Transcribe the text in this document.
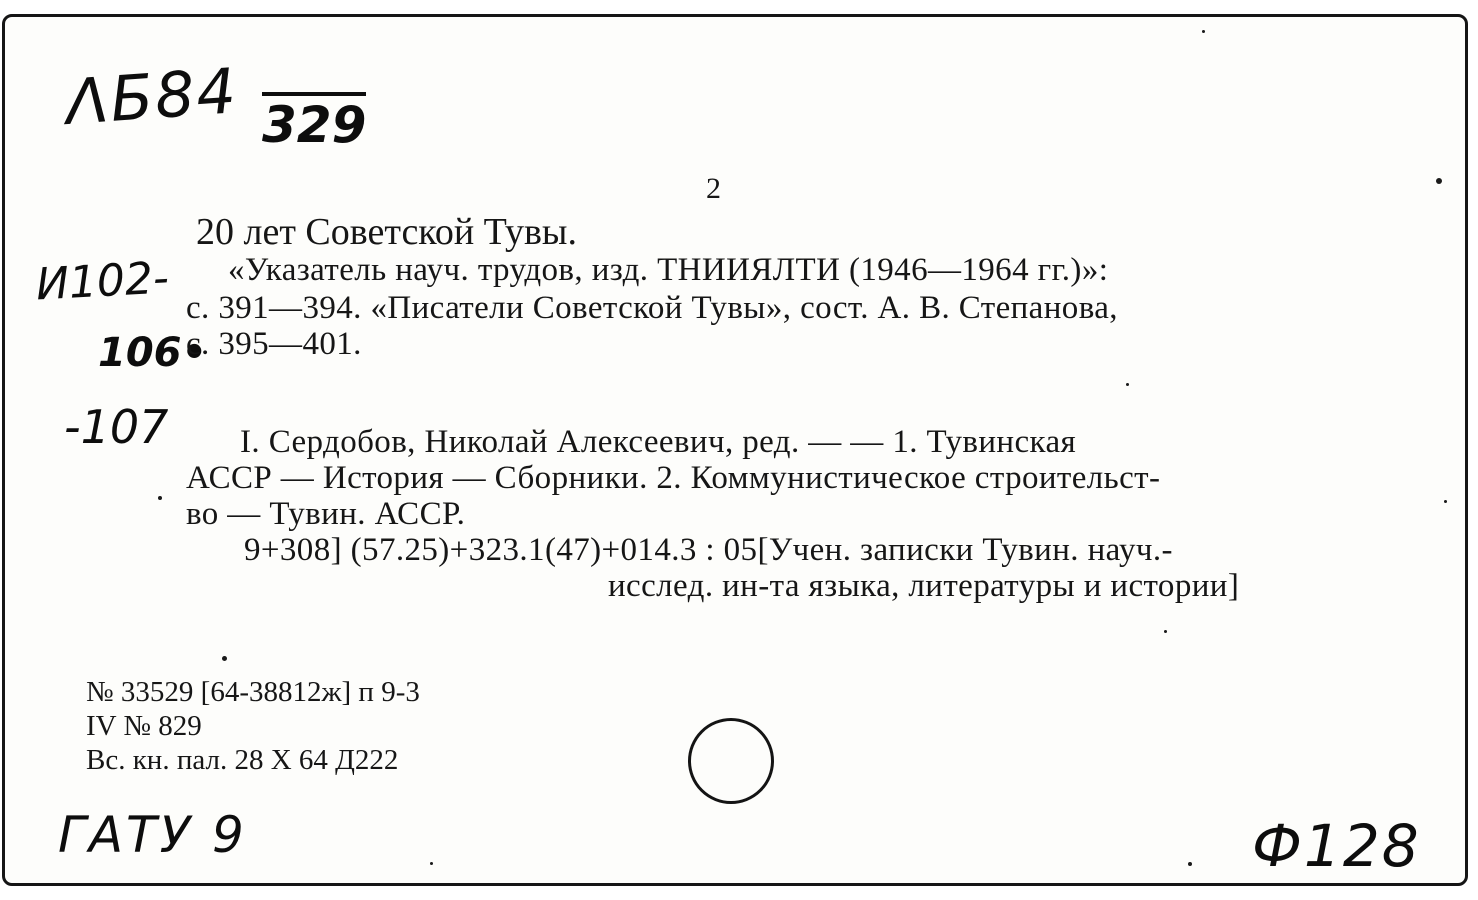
ΛБ84 329
И102-
106•
-107
ГАТУ 9	Ф128
2
20 лет Советской Тувы.
«Указатель науч. трудов, изд. ТНИИЯЛТИ (1946—1964 гг.)»:
с. 391—394. «Писатели Советской Тувы», сост. А. В. Степанова,
с. 395—401.
I. Сердобов, Николай Алексеевич, ред. — — 1. Тувинская
АССР — История — Сборники. 2. Коммунистическое строительст-
во — Тувин. АССР.
9+308] (57.25)+323.1(47)+014.3 : 05[Учен. записки Тувин. науч.-
исслед. ин-та языка, литературы и истории]
№ 33529 [64-38812ж] п 9-3
IV № 829
Вс. кн. пал. 28 X 64 Д222
